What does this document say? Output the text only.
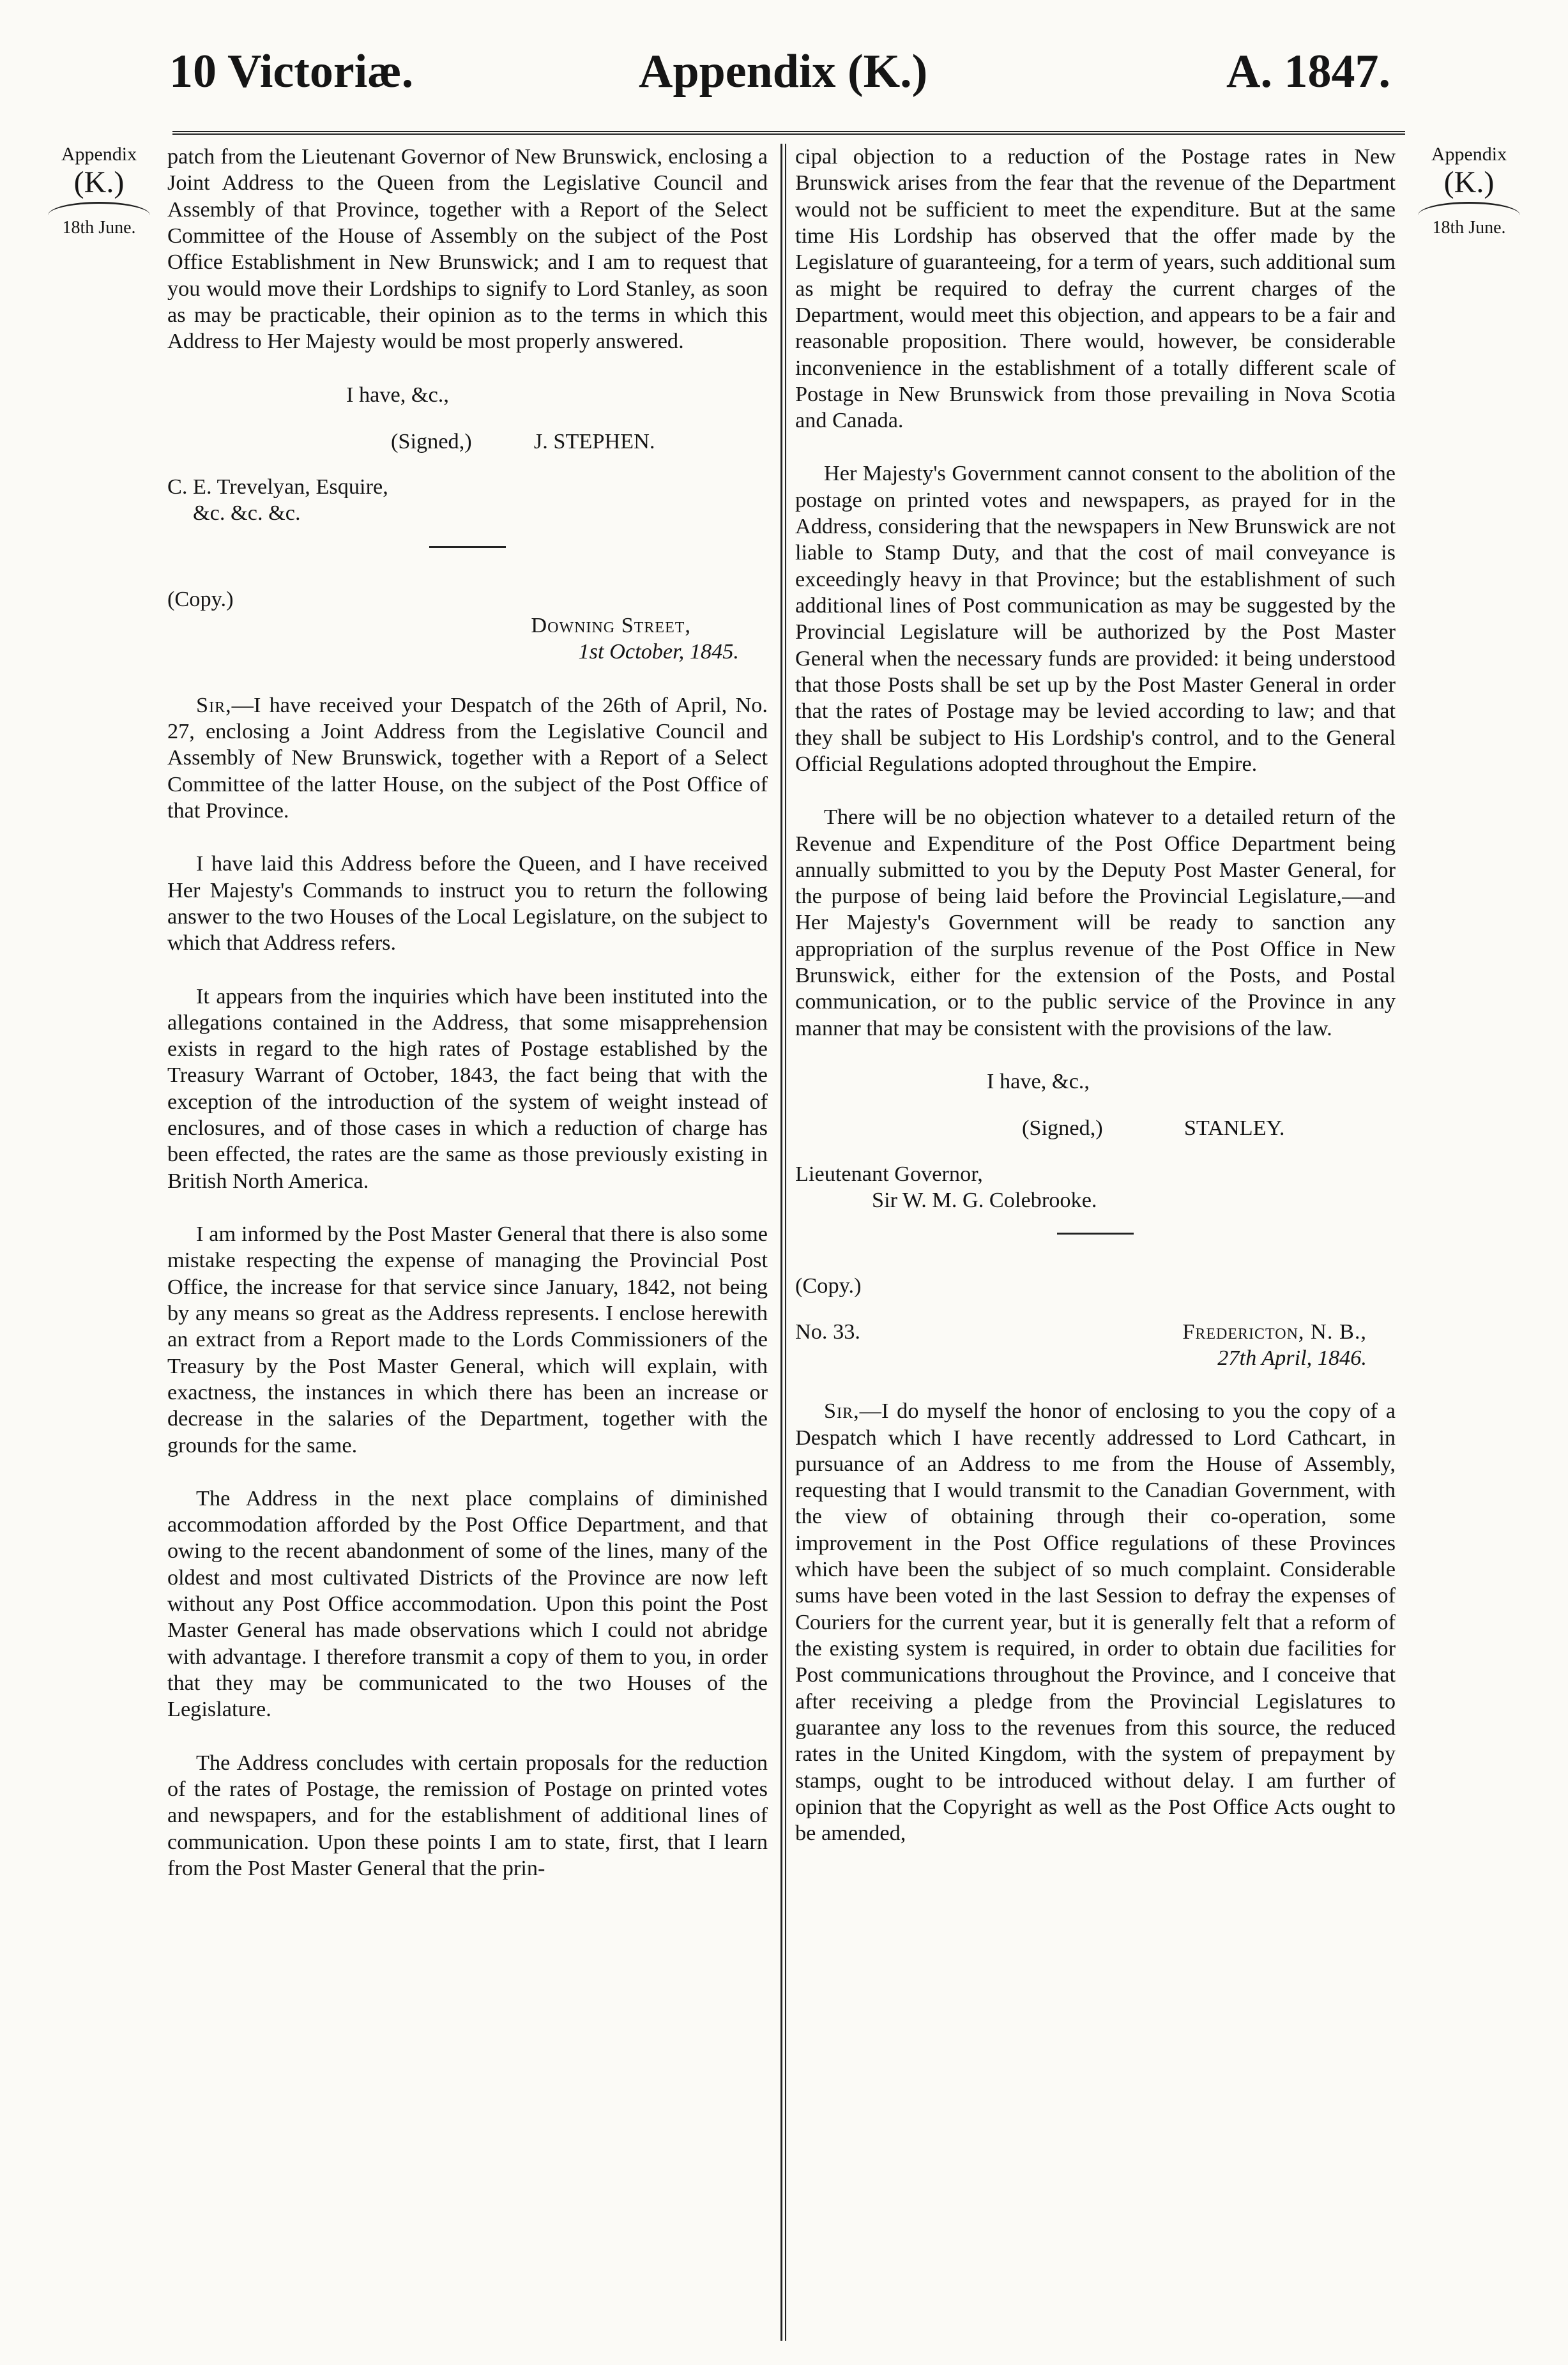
10 Victoriæ.	Appendix (K.)	A. 1847.
Appendix
(K.)
18th June.
Appendix
(K.)
18th June.

patch from the Lieutenant Governor of New Brunswick, enclosing a Joint Address to the Queen from the Legislative Council and Assembly of that Province, together with a Report of the Select Committee of the House of Assembly on the subject of the Post Office Establishment in New Brunswick; and I am to request that you would move their Lordships to signify to Lord Stanley, as soon as may be practicable, their opinion as to the terms in which this Address to Her Majesty would be most properly answered.

I have, &c.,
(Signed,)	J. STEPHEN.
C. E. Trevelyan, Esquire,
&c. &c. &c.
(Copy.)
Downing Street,
1st October, 1845.

Sir,—I have received your Despatch of the 26th of April, No. 27, enclosing a Joint Address from the Legislative Council and Assembly of New Brunswick, together with a Report of a Select Committee of the latter House, on the subject of the Post Office of that Province.

I have laid this Address before the Queen, and I have received Her Majesty's Commands to instruct you to return the following answer to the two Houses of the Local Legislature, on the subject to which that Address refers.

It appears from the inquiries which have been instituted into the allegations contained in the Address, that some misapprehension exists in regard to the high rates of Postage established by the Treasury Warrant of October, 1843, the fact being that with the exception of the introduction of the system of weight instead of enclosures, and of those cases in which a reduction of charge has been effected, the rates are the same as those previously existing in British North America.

I am informed by the Post Master General that there is also some mistake respecting the expense of managing the Provincial Post Office, the increase for that service since January, 1842, not being by any means so great as the Address represents. I enclose herewith an extract from a Report made to the Lords Commissioners of the Treasury by the Post Master General, which will explain, with exactness, the instances in which there has been an increase or decrease in the salaries of the Department, together with the grounds for the same.

The Address in the next place complains of diminished accommodation afforded by the Post Office Department, and that owing to the recent abandonment of some of the lines, many of the oldest and most cultivated Districts of the Province are now left without any Post Office accommodation. Upon this point the Post Master General has made observations which I could not abridge with advantage. I therefore transmit a copy of them to you, in order that they may be communicated to the two Houses of the Legislature.

The Address concludes with certain proposals for the reduction of the rates of Postage, the remission of Postage on printed votes and newspapers, and for the establishment of additional lines of communication. Upon these points I am to state, first, that I learn from the Post Master General that the prin-

cipal objection to a reduction of the Postage rates in New Brunswick arises from the fear that the revenue of the Department would not be sufficient to meet the expenditure. But at the same time His Lordship has observed that the offer made by the Legislature of guaranteeing, for a term of years, such additional sum as might be required to defray the current charges of the Department, would meet this objection, and appears to be a fair and reasonable proposition. There would, however, be considerable inconvenience in the establishment of a totally different scale of Postage in New Brunswick from those prevailing in Nova Scotia and Canada.

Her Majesty's Government cannot consent to the abolition of the postage on printed votes and newspapers, as prayed for in the Address, considering that the newspapers in New Brunswick are not liable to Stamp Duty, and that the cost of mail conveyance is exceedingly heavy in that Province; but the establishment of such additional lines of Post communication as may be suggested by the Provincial Legislature will be authorized by the Post Master General when the necessary funds are provided: it being understood that those Posts shall be set up by the Post Master General in order that the rates of Postage may be levied according to law; and that they shall be subject to His Lordship's control, and to the General Official Regulations adopted throughout the Empire.

There will be no objection whatever to a detailed return of the Revenue and Expenditure of the Post Office Department being annually submitted to you by the Deputy Post Master General, for the purpose of being laid before the Provincial Legislature,—and Her Majesty's Government will be ready to sanction any appropriation of the surplus revenue of the Post Office in New Brunswick, either for the extension of the Posts, and Postal communication, or to the public service of the Province in any manner that may be consistent with the provisions of the law.

I have, &c.,
(Signed,)	STANLEY.
Lieutenant Governor,
Sir W. M. G. Colebrooke.
(Copy.)
No. 33.	Fredericton, N. B.,
27th April, 1846.

Sir,—I do myself the honor of enclosing to you the copy of a Despatch which I have recently addressed to Lord Cathcart, in pursuance of an Address to me from the House of Assembly, requesting that I would transmit to the Canadian Government, with the view of obtaining through their co-operation, some improvement in the Post Office regulations of these Provinces which have been the subject of so much complaint. Considerable sums have been voted in the last Session to defray the expenses of Couriers for the current year, but it is generally felt that a reform of the existing system is required, in order to obtain due facilities for Post communications throughout the Province, and I conceive that after receiving a pledge from the Provincial Legislatures to guarantee any loss to the revenues from this source, the reduced rates in the United Kingdom, with the system of prepayment by stamps, ought to be introduced without delay. I am further of opinion that the Copyright as well as the Post Office Acts ought to be amended,
